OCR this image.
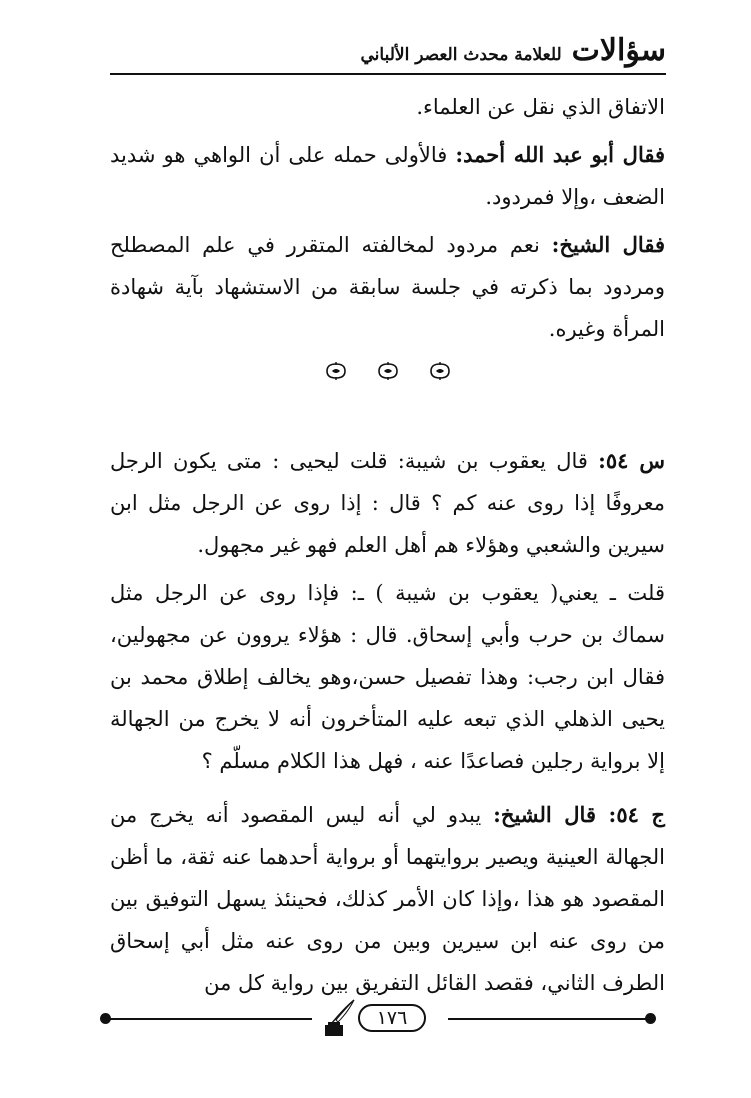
سؤالات
للعلامة محدث العصر الألباني

الاتفاق الذي نقل عن العلماء.

فقال أبو عبد الله أحمد: فالأولى حمله على أن الواهي هو شديد الضعف ،وإلا فمردود.

فقال الشيخ: نعم مردود لمخالفته المتقرر في علم المصطلح ومردود بما ذكرته في جلسة سابقة من الاستشهاد بآية شهادة المرأة وغيره.

س ٥٤: قال يعقوب بن شيبة: قلت ليحيى : متى يكون الرجل معروفًا إذا روى عنه كم ؟ قال : إذا روى عن الرجل مثل ابن سيرين والشعبي وهؤلاء هم أهل العلم فهو غير مجهول.

قلت ـ يعني( يعقوب بن شيبة ) ـ: فإذا روى عن الرجل مثل سماك بن حرب وأبي إسحاق. قال : هؤلاء يروون عن مجهولين، فقال ابن رجب: وهذا تفصيل حسن،وهو يخالف إطلاق محمد بن يحيى الذهلي الذي تبعه عليه المتأخرون أنه لا يخرج من الجهالة إلا برواية رجلين فصاعدًا عنه ، فهل هذا الكلام مسلّم ؟

ج ٥٤: قال الشيخ: يبدو لي أنه ليس المقصود أنه يخرج من الجهالة العينية ويصير بروايتهما أو برواية أحدهما عنه ثقة، ما أظن المقصود هو هذا ،وإذا كان الأمر كذلك، فحينئذ يسهل التوفيق بين من روى عنه ابن سيرين وبين من روى عنه مثل أبي إسحاق الطرف الثاني، فقصد القائل التفريق بين رواية كل من

١٧٦
